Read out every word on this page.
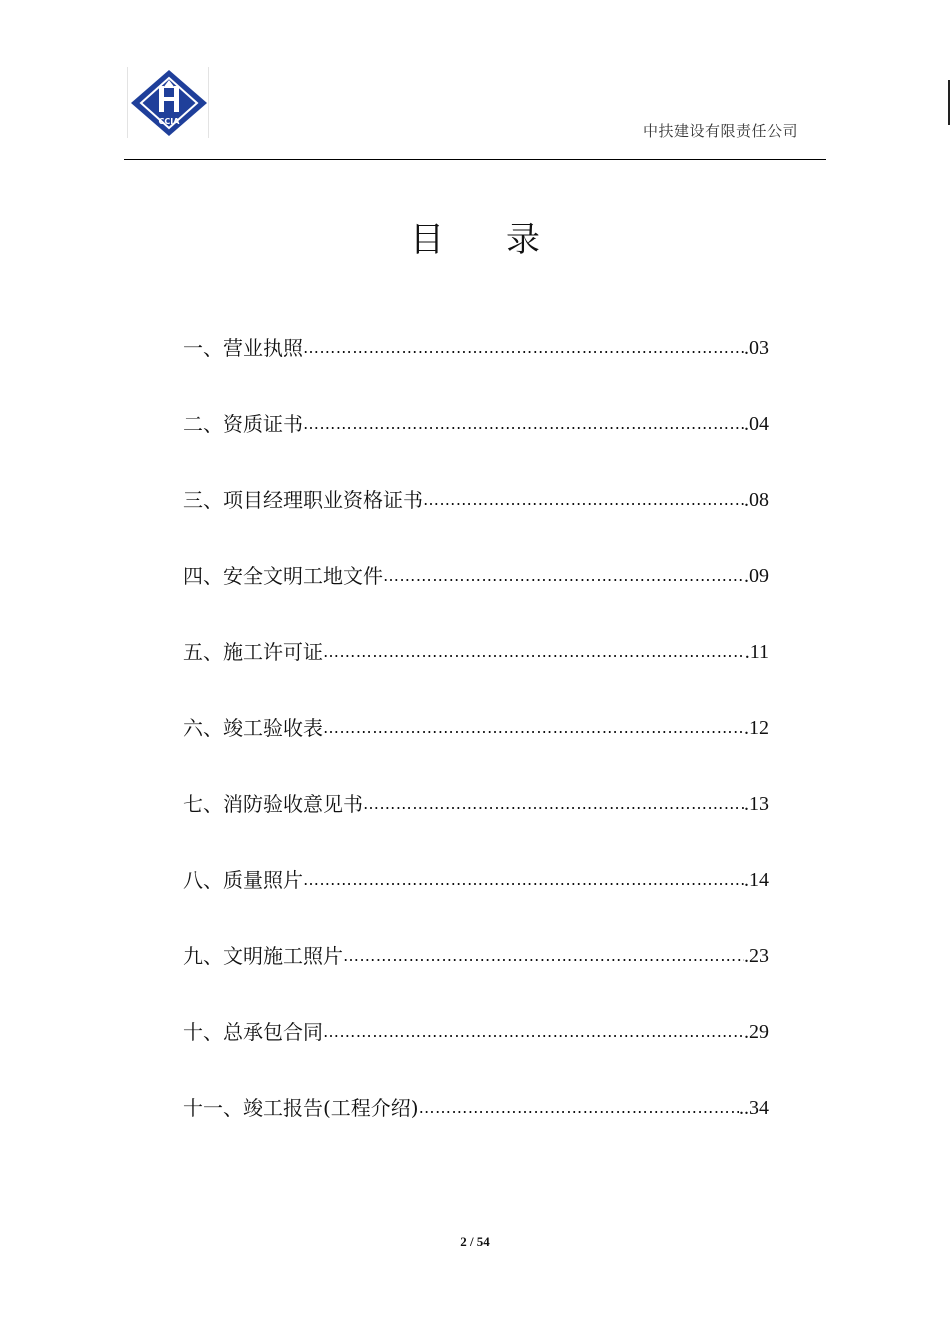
CCIA
中扶建设有限责任公司
目 录
一、营业执照 ……………………………………………………………………………………………………………………………………………………………	.03
二、资质证书 ……………………………………………………………………………………………………………………………………………………………	.04
三、项目经理职业资格证书 ……………………………………………………………………………………………………………………………………………………………	.08
四、安全文明工地文件 ……………………………………………………………………………………………………………………………………………………………	.09
五、施工许可证 ……………………………………………………………………………………………………………………………………………………………	.11
六、竣工验收表 ……………………………………………………………………………………………………………………………………………………………	.12
七、消防验收意见书 ……………………………………………………………………………………………………………………………………………………………	.13
八、质量照片 ……………………………………………………………………………………………………………………………………………………………	.14
九、文明施工照片 ……………………………………………………………………………………………………………………………………………………………	.23
十、总承包合同 ……………………………………………………………………………………………………………………………………………………………	.29
十一、竣工报告(工程介绍) ……………………………………………………………………………………………………………………………………………………………	..34
2 / 54
